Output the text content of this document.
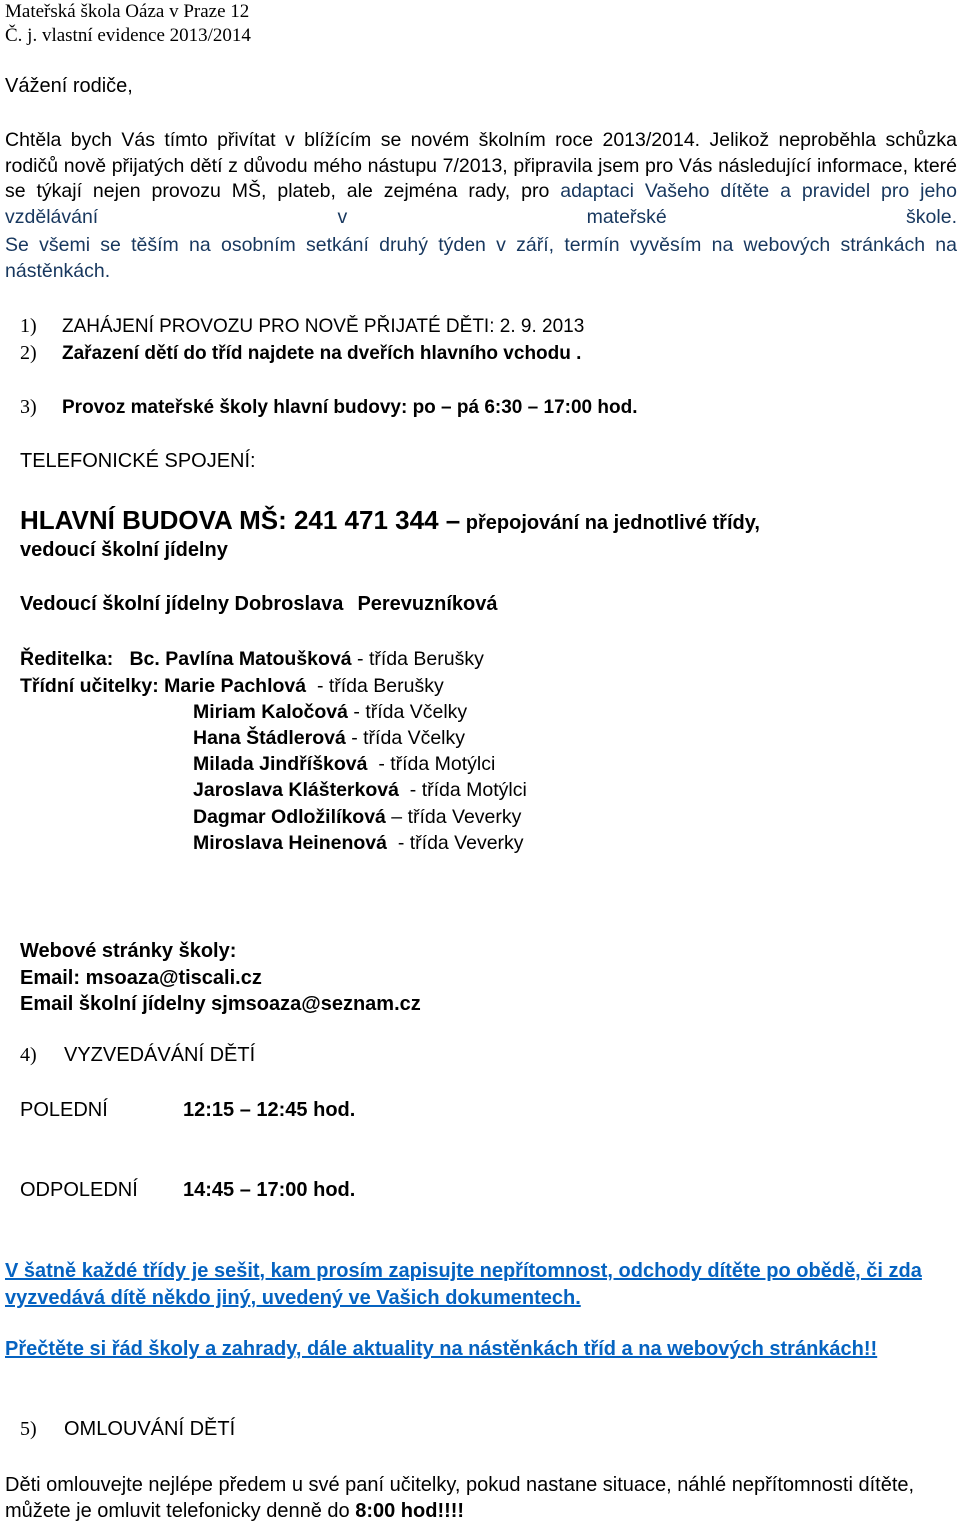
Mateřská škola Oáza v Praze 12
Č. j. vlastní evidence 2013/2014
Vážení rodiče,
Chtěla bych Vás tímto přivítat v blížícím se novém školním roce 2013/2014. Jelikož neproběhla schůzka rodičů nově přijatých dětí z důvodu mého nástupu 7/2013, připravila jsem pro Vás následující informace, které se týkají nejen provozu MŠ, plateb, ale zejména rady, pro adaptaci Vašeho dítěte a pravidel pro jeho vzdělávání v mateřské škole.
Se všemi se těším na osobním setkání druhý týden v září, termín vyvěsím na webových stránkách na nástěnkách.
1) ZAHÁJENÍ PROVOZU PRO NOVĚ PŘIJATÉ DĚTI: 2. 9. 2013
2) Zařazení dětí do tříd najdete na dveřích hlavního vchodu .
3) Provoz mateřské školy hlavní budovy: po – pá 6:30 – 17:00 hod.
TELEFONICKÉ SPOJENÍ:
HLAVNÍ BUDOVA MŠ: 241 471 344 – přepojování na jednotlivé třídy,
vedoucí školní jídelny
Vedoucí školní jídelny Dobroslava Perevuzníková
Ředitelka: Bc. Pavlína Matoušková - třída Berušky
Třídní učitelky: Marie Pachlová  - třída Berušky
Miriam Kaločová - třída Včelky
Hana Štádlerová - třída Včelky
Milada Jindříšková  - třída Motýlci
Jaroslava Klášterková  - třída Motýlci
Dagmar Odložilíková – třída Veverky
Miroslava Heinenová  - třída Veverky
Webové stránky školy:
Email: msoaza@tiscali.cz
Email školní jídelny sjmsoaza@seznam.cz
4) VYZVEDÁVÁNÍ DĚTÍ
POLEDNÍ	12:15 – 12:45 hod.
ODPOLEDNÍ 14:45 – 17:00 hod.
V šatně každé třídy je sešit, kam prosím zapisujte nepřítomnost, odchody dítěte po obědě, či zda vyzvedává dítě někdo jiný, uvedený ve Vašich dokumentech.
Přečtěte si řád školy a zahrady, dále aktuality na nástěnkách tříd a na webových stránkách!!
5) OMLOUVÁNÍ DĚTÍ
Děti omlouvejte nejlépe předem u své paní učitelky, pokud nastane situace, náhlé nepřítomnosti dítěte, můžete je omluvit telefonicky denně do 8:00 hod!!!!
